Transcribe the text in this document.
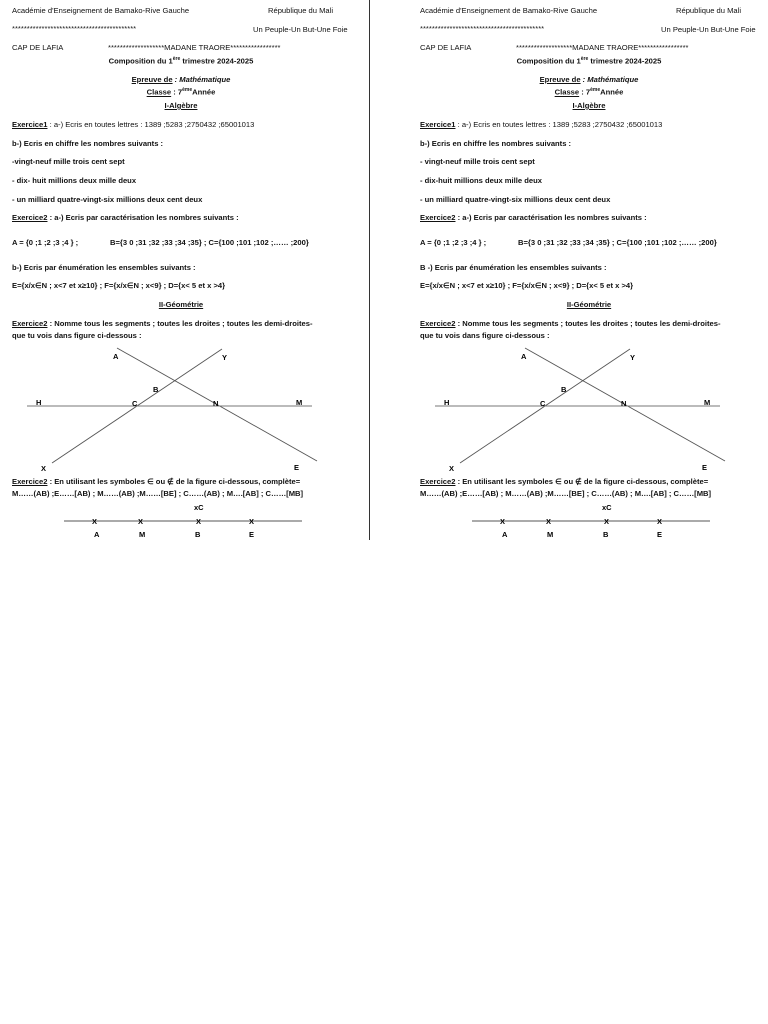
Académie d'Enseignement de Bamako-Rive Gauche	République du Mali
******************************************	Un Peuple-Un But-Une Foie
CAP DE LAFIA	*******************MADANE TRAORE*****************
Composition du 1ère trimestre 2024-2025
Epreuve de : Mathématique
Classe : 7èmeAnnée
I-Algèbre
Exercice1 : a-) Ecris en toutes lettres : 1389 ;5283 ;2750432 ;65001013
b-) Ecris en chiffre les nombres suivants :
-vingt-neuf mille trois cent sept
- dix- huit millions deux mille deux
- un milliard quatre-vingt-six millions deux cent deux
Exercice2 : a-) Ecris par caractérisation les nombres suivants :
A = {0 ;1 ;2 ;3 ;4 } ;	B={3 0 ;31 ;32 ;33 ;34 ;35} ; C={100 ;101 ;102 ;…… ;200}
b-) Ecris par énumération les ensembles suivants :
E={x/x∈N ; x<7 et x≥10} ; F={x/x∈N ; x<9} ; D={x< 5 et x >4}
II-Géométrie
Exercice2 : Nomme tous les segments ; toutes les droites ; toutes les demi-droites-
que tu vois dans figure ci-dessous :
A	Y
B
H	C	N	M
X	E
Exercice2 : En utilisant les symboles ∈ ou ∉ de la figure ci-dessous, complète=
M……(AB) ;E……[AB) ; M……(AB) ;M……[BE] ; C……(AB) ; M….[AB] ; C……[MB]
xC
X	X	X	X
A	M	B	E
Académie d'Enseignement de Bamako-Rive Gauche	République du Mali
******************************************	Un Peuple-Un But-Une Foie
CAP DE LAFIA	*******************MADANE TRAORE*****************
Composition du 1ère trimestre 2024-2025
Epreuve de : Mathématique
Classe : 7èmeAnnée
I-Algèbre
Exercice1 : a-) Ecris en toutes lettres : 1389 ;5283 ;2750432 ;65001013
b-) Ecris en chiffre les nombres suivants :
- vingt-neuf mille trois cent sept
- dix-huit millions deux mille deux
- un milliard quatre-vingt-six millions deux cent deux
Exercice2 : a-) Ecris par caractérisation les nombres suivants :
A = {0 ;1 ;2 ;3 ;4 } ;	B={3 0 ;31 ;32 ;33 ;34 ;35} ; C={100 ;101 ;102 ;…… ;200}
B -) Ecris par énumération les ensembles suivants :
E={x/x∈N ; x<7 et x≥10} ; F={x/x∈N ; x<9} ; D={x< 5 et x >4}
II-Géométrie
Exercice2 : Nomme tous les segments ; toutes les droites ; toutes les demi-droites-
que tu vois dans figure ci-dessous :
A	Y
B
H	C	N	M
X	E
Exercice2 : En utilisant les symboles ∈ ou ∉ de la figure ci-dessous, complète=
M……(AB) ;E……[AB) ; M……(AB) ;M……[BE] ; C……(AB) ; M….[AB] ; C……[MB]
xC
X	X	X	X
A	M	B	E
